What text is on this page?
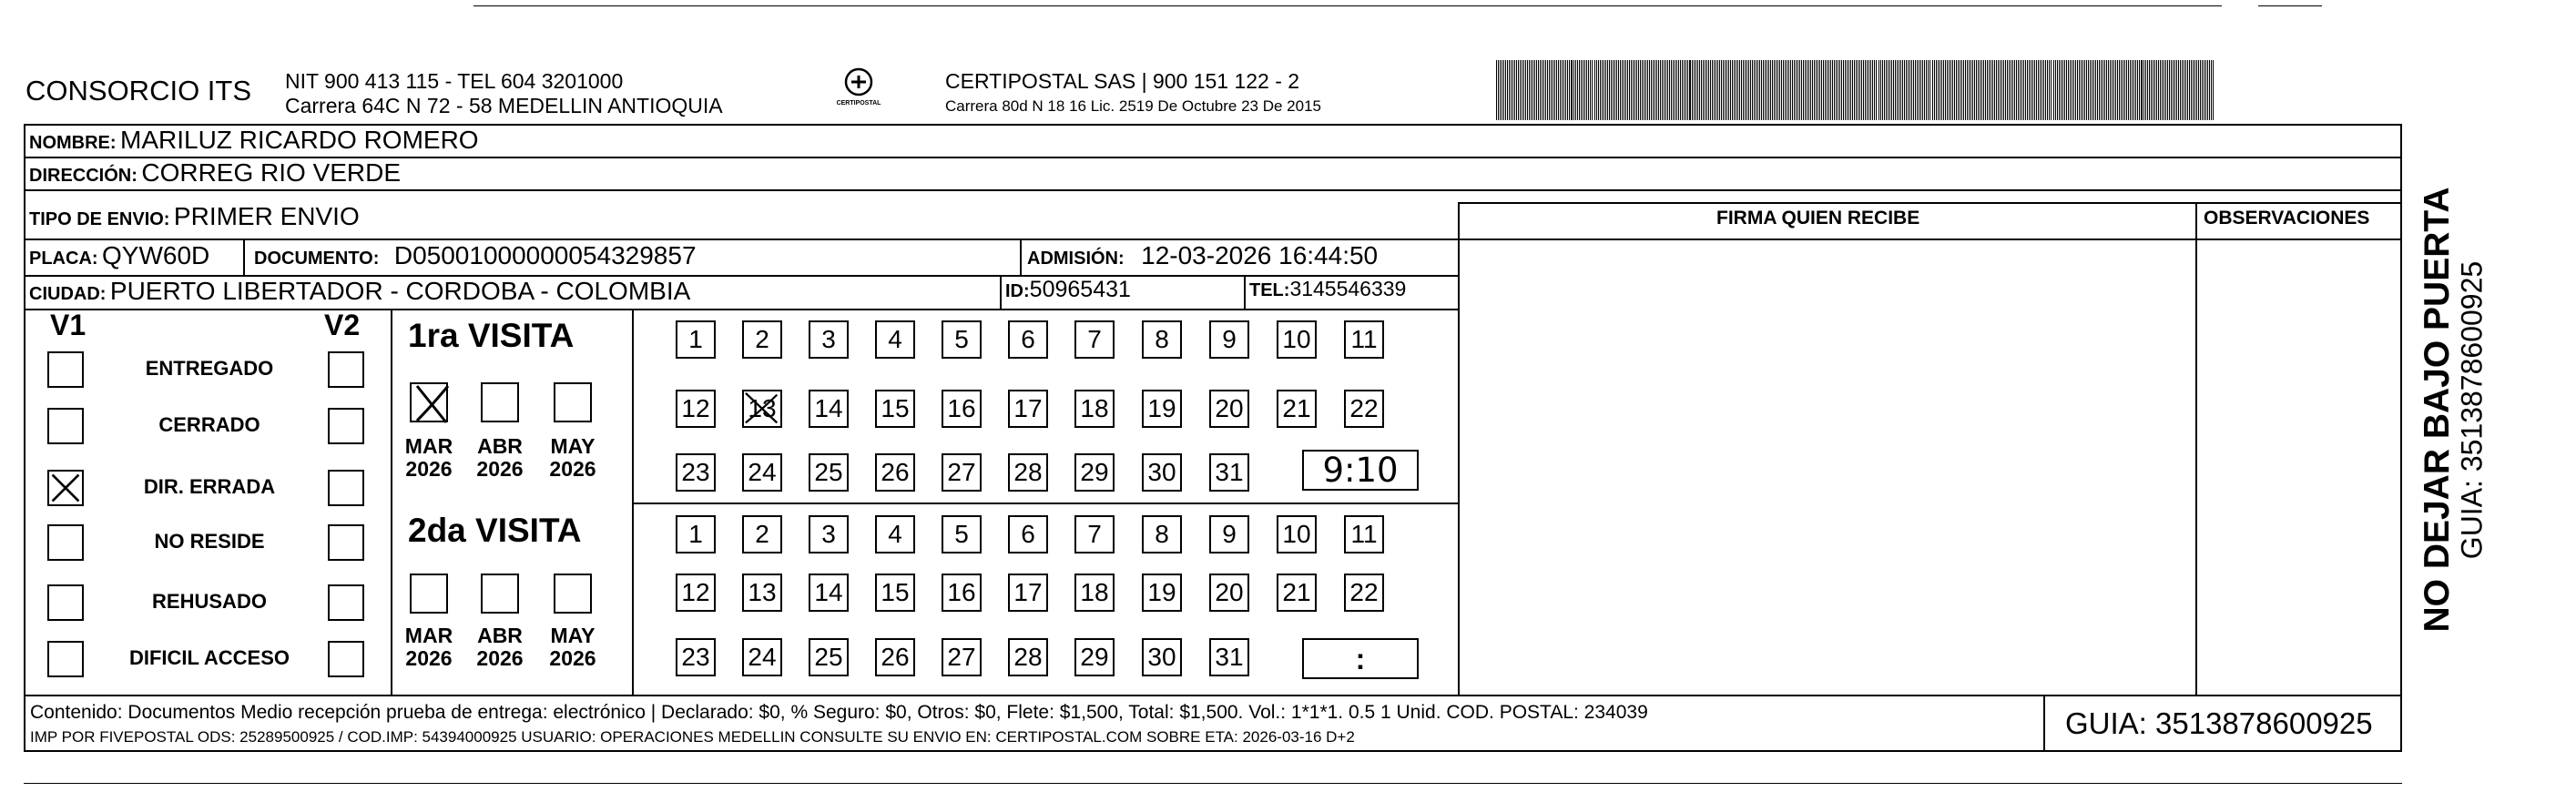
CONSORCIO ITS NIT 900 413 115 - TEL 604 3201000
Carrera 64C N 72 - 58 MEDELLIN ANTIOQUIA	CERTIPOSTAL
CERTIPOSTAL SAS | 900 151 122 - 2
Carrera 80d N 18 16 Lic. 2519 De Octubre 23 De 2015
NOMBRE: MARILUZ RICARDO ROMERO
DIRECCIÓN: CORREG RIO VERDE
TIPO DE ENVIO: PRIMER ENVIO	FIRMA QUIEN RECIBE	OBSERVACIONES
PLACA: QYW60D DOCUMENTO: D05001000000054329857	ADMISIÓN: 12-03-2026 16:44:50
CIUDAD: PUERTO LIBERTADOR - CORDOBA - COLOMBIA	ID:50965431	TEL:3145546339
V1	V2
ENTREGADO
CERRADO
DIR. ERRADA
NO RESIDE
REHUSADO
DIFICIL ACCESO
1ra VISITA
2da VISITA
MAR
2026
ABR
2026
MAY
2026
MAR
2026
ABR
2026
MAY
2026
1 2 3 4 5 6 7 8 9 10 11
12 13 14 15 16 17 18 19 20 21 22
23 24 25 26 27 28 29 30 31
1 2 3 4 5 6 7 8 9 10 11
12 13 14 15 16 17 18 19 20 21 22
23 24 25 26 27 28 29 30 31
9:10
:
Contenido: Documentos Medio recepción prueba de entrega: electrónico | Declarado: $0, % Seguro: $0, Otros: $0, Flete: $1,500, Total: $1,500. Vol.: 1*1*1. 0.5 1 Unid. COD. POSTAL: 234039
IMP POR FIVEPOSTAL ODS: 25289500925 / COD.IMP: 54394000925 USUARIO: OPERACIONES MEDELLIN CONSULTE SU ENVIO EN: CERTIPOSTAL.COM SOBRE ETA: 2026-03-16 D+2	GUIA: 3513878600925
NO DEJAR BAJO PUERTA
GUIA: 3513878600925
